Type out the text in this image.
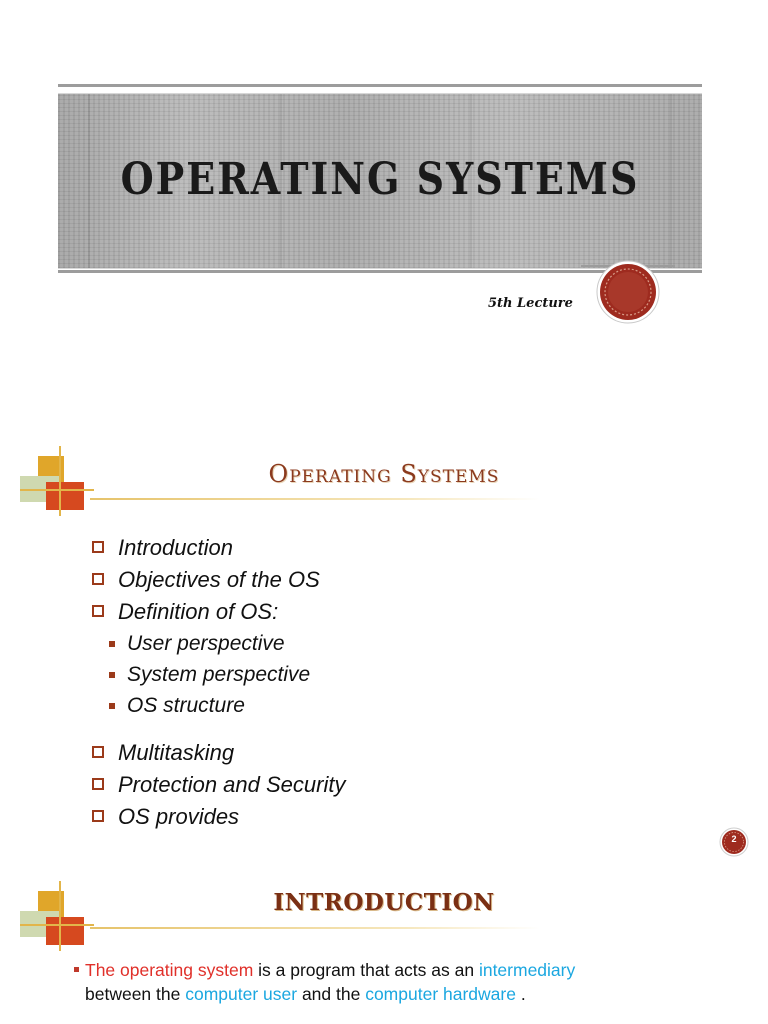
OPERATING SYSTEMS
5th Lecture
Operating Systems
Introduction
Objectives of the OS
Definition of OS:
User perspective
System perspective
OS structure
Multitasking
Protection and Security
OS provides
2
INTRODUCTION
The operating system is a program that acts as an intermediary
between the computer user and the computer hardware .
